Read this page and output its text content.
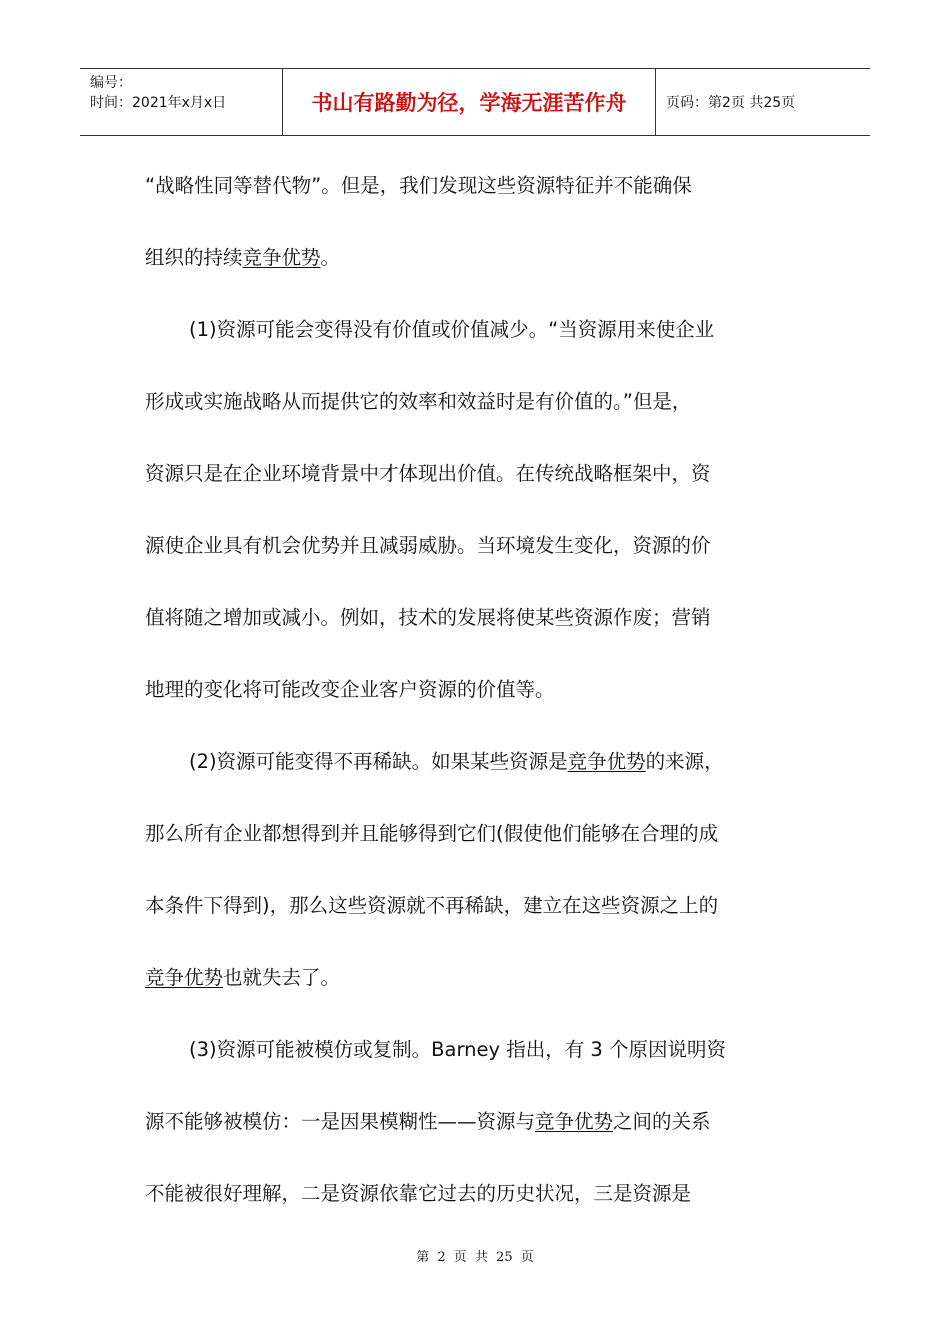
编号：
时间：2021年x月x日	书山有路勤为径，学海无涯苦作舟	页码：第2页 共25页
“战略性同等替代物”。但是，我们发现这些资源特征并不能确保
组织的持续竞争优势。
(1)资源可能会变得没有价值或价值减少。“当资源用来使企业
形成或实施战略从而提供它的效率和效益时是有价值的。”但是，
资源只是在企业环境背景中才体现出价值。在传统战略框架中，资
源使企业具有机会优势并且减弱威胁。当环境发生变化，资源的价
值将随之增加或减小。例如，技术的发展将使某些资源作废；营销
地理的变化将可能改变企业客户资源的价值等。
(2)资源可能变得不再稀缺。如果某些资源是竞争优势的来源，
那么所有企业都想得到并且能够得到它们(假使他们能够在合理的成
本条件下得到)，那么这些资源就不再稀缺，建立在这些资源之上的
竞争优势也就失去了。
(3)资源可能被模仿或复制。Barney 指出，有 3 个原因说明资
源不能够被模仿：一是因果模糊性——资源与竞争优势之间的关系
不能被很好理解，二是资源依靠它过去的历史状况，三是资源是
第 2 页 共 25 页
